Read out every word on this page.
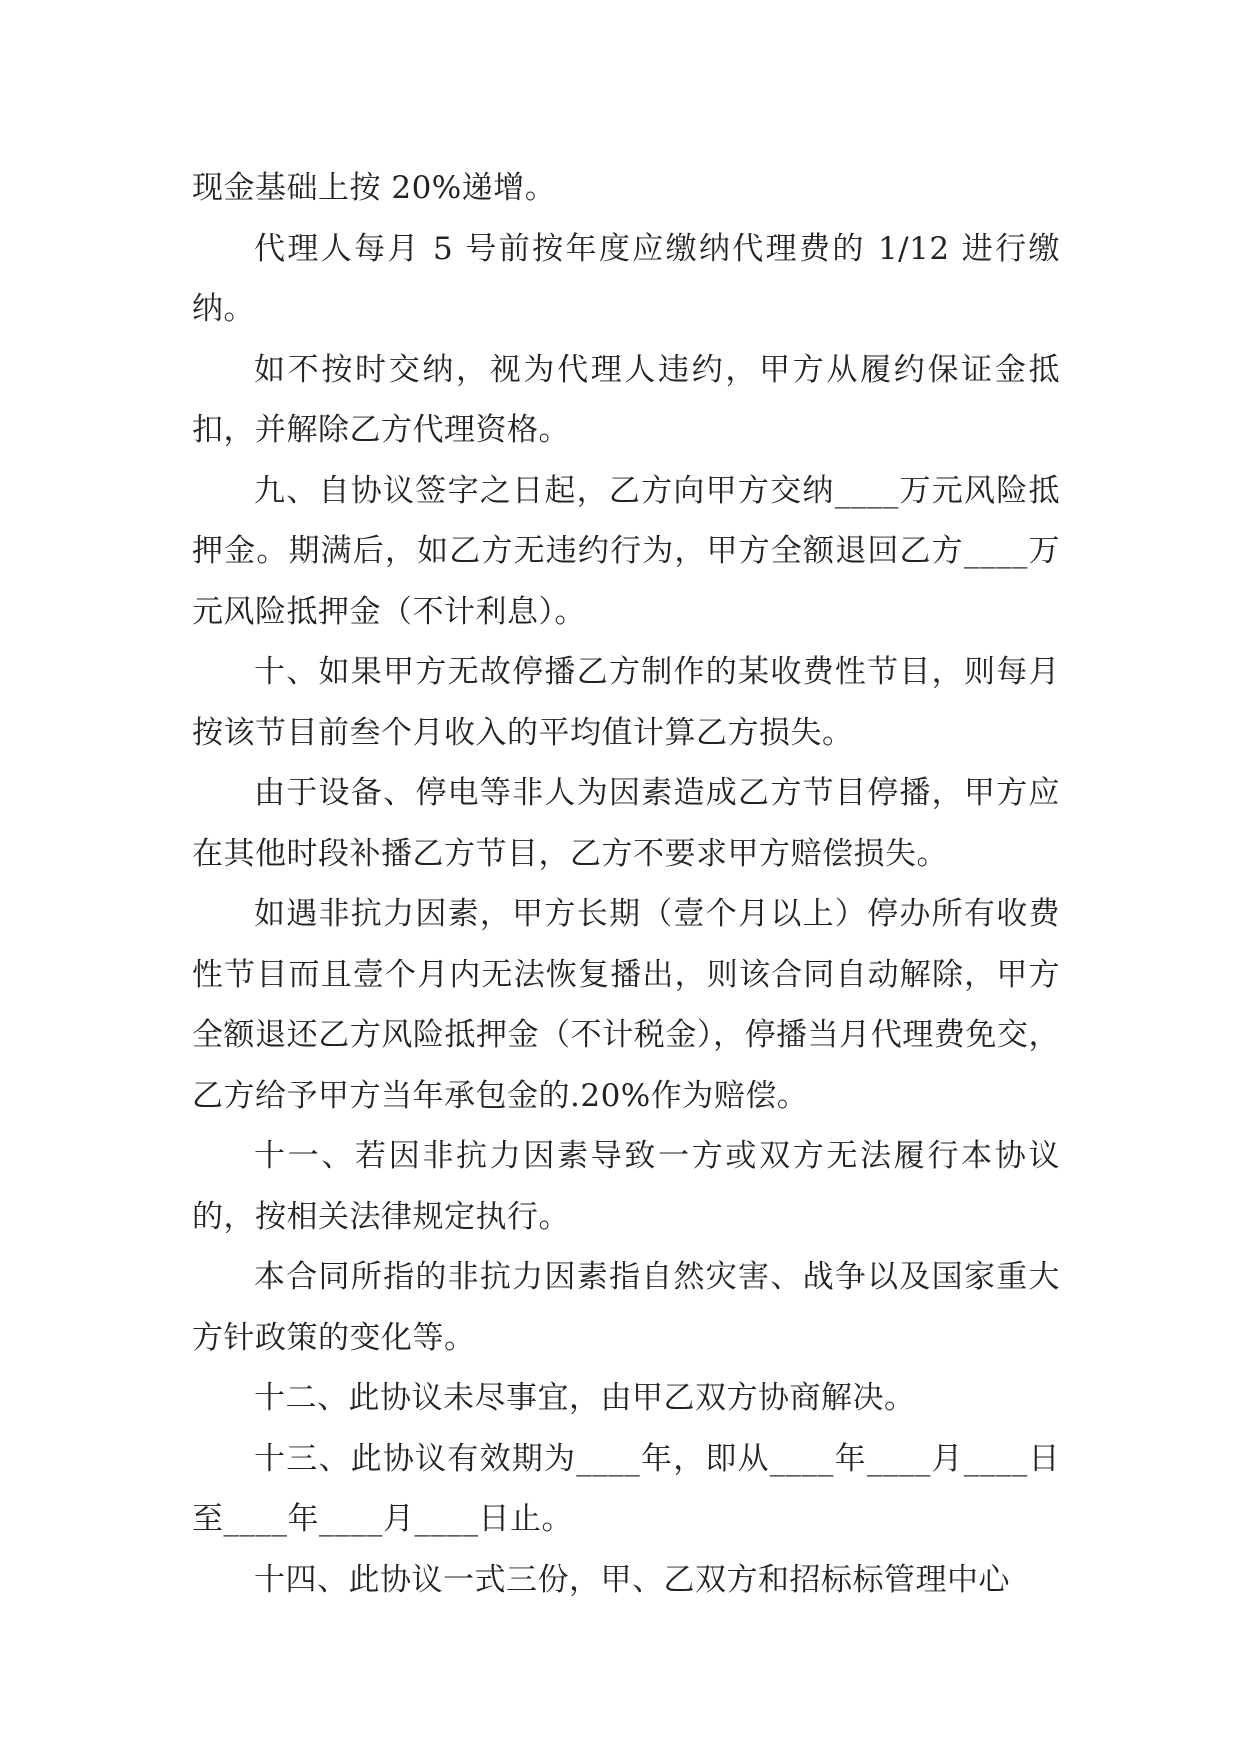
现金基础上按 20%递增。

代理人每月 5 号前按年度应缴纳代理费的 1/12 进行缴纳。

如不按时交纳，视为代理人违约，甲方从履约保证金抵扣，并解除乙方代理资格。

九、自协议签字之日起，乙方向甲方交纳____万元风险抵押金。期满后，如乙方无违约行为，甲方全额退回乙方____万元风险抵押金（不计利息）。

十、如果甲方无故停播乙方制作的某收费性节目，则每月按该节目前叁个月收入的平均值计算乙方损失。

由于设备、停电等非人为因素造成乙方节目停播，甲方应在其他时段补播乙方节目，乙方不要求甲方赔偿损失。

如遇非抗力因素，甲方长期（壹个月以上）停办所有收费性节目而且壹个月内无法恢复播出，则该合同自动解除，甲方全额退还乙方风险抵押金（不计税金），停播当月代理费免交，乙方给予甲方当年承包金的.20%作为赔偿。

十一、若因非抗力因素导致一方或双方无法履行本协议的，按相关法律规定执行。

本合同所指的非抗力因素指自然灾害、战争以及国家重大方针政策的变化等。

十二、此协议未尽事宜，由甲乙双方协商解决。

十三、此协议有效期为____年，即从____年____月____日至____年____月____日止。

十四、此协议一式三份，甲、乙双方和招标标管理中心
